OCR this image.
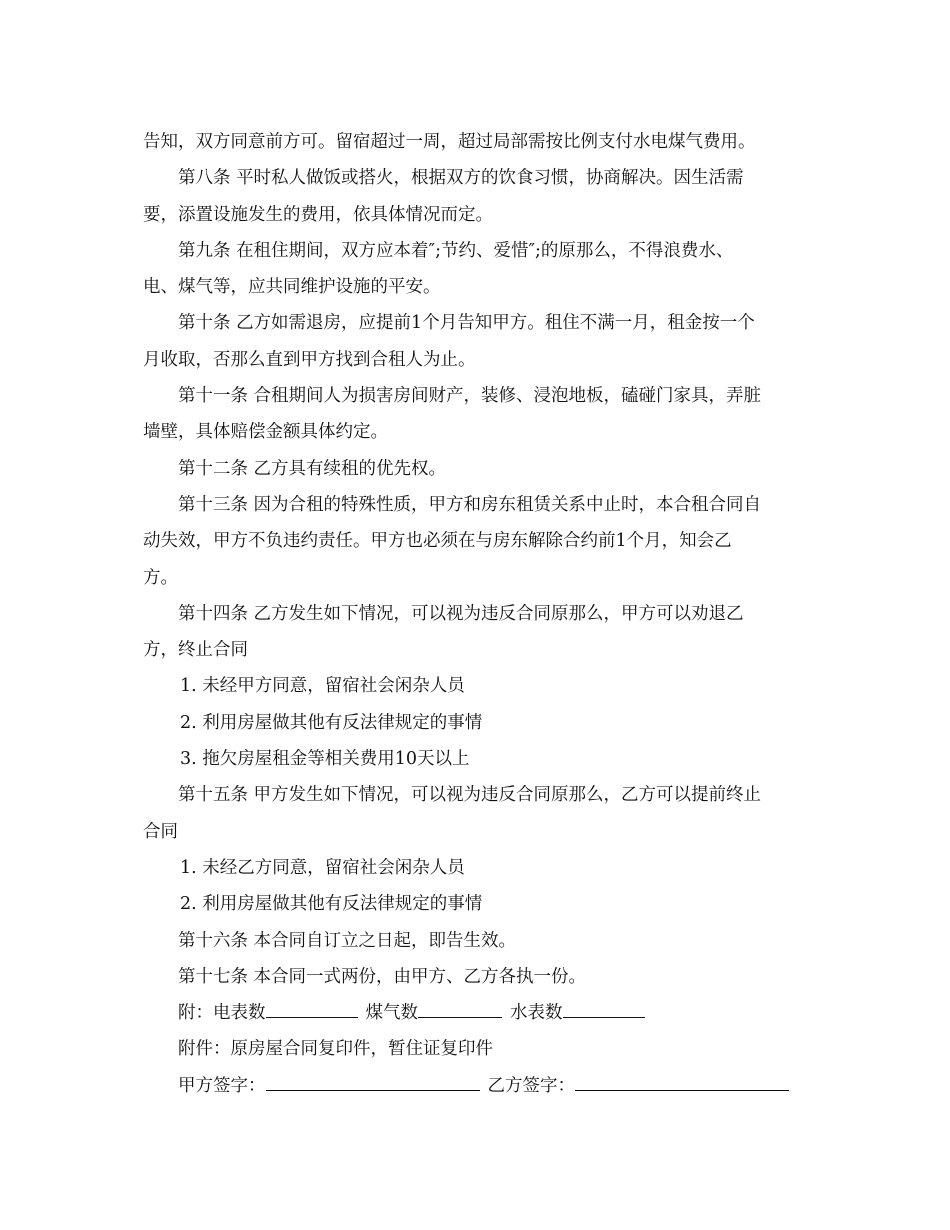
告知，双方同意前方可。留宿超过一周，超过局部需按比例支付水电煤气费用。
第八条 平时私人做饭或搭火，根据双方的饮食习惯，协商解决。因生活需
要，添置设施发生的费用，依具体情况而定。
第九条 在租住期间，双方应本着″;节约、爱惜″;的原那么，不得浪费水、
电、煤气等，应共同维护设施的平安。
第十条 乙方如需退房，应提前1个月告知甲方。租住不满一月，租金按一个
月收取，否那么直到甲方找到合租人为止。
第十一条 合租期间人为损害房间财产，装修、浸泡地板，磕碰门家具，弄脏
墙壁，具体赔偿金额具体约定。
第十二条 乙方具有续租的优先权。
第十三条 因为合租的特殊性质，甲方和房东租赁关系中止时，本合租合同自
动失效，甲方不负违约责任。甲方也必须在与房东解除合约前1个月，知会乙
方。
第十四条 乙方发生如下情况，可以视为违反合同原那么，甲方可以劝退乙
方，终止合同
1. 未经甲方同意，留宿社会闲杂人员
2. 利用房屋做其他有反法律规定的事情
3. 拖欠房屋租金等相关费用10天以上
第十五条 甲方发生如下情况，可以视为违反合同原那么，乙方可以提前终止
合同
1. 未经乙方同意，留宿社会闲杂人员
2. 利用房屋做其他有反法律规定的事情
第十六条 本合同自订立之日起，即告生效。
第十七条 本合同一式两份，由甲方、乙方各执一份。
附：电表数	煤气数	水表数
附件：原房屋合同复印件，暂住证复印件
甲方签字：	乙方签字：
